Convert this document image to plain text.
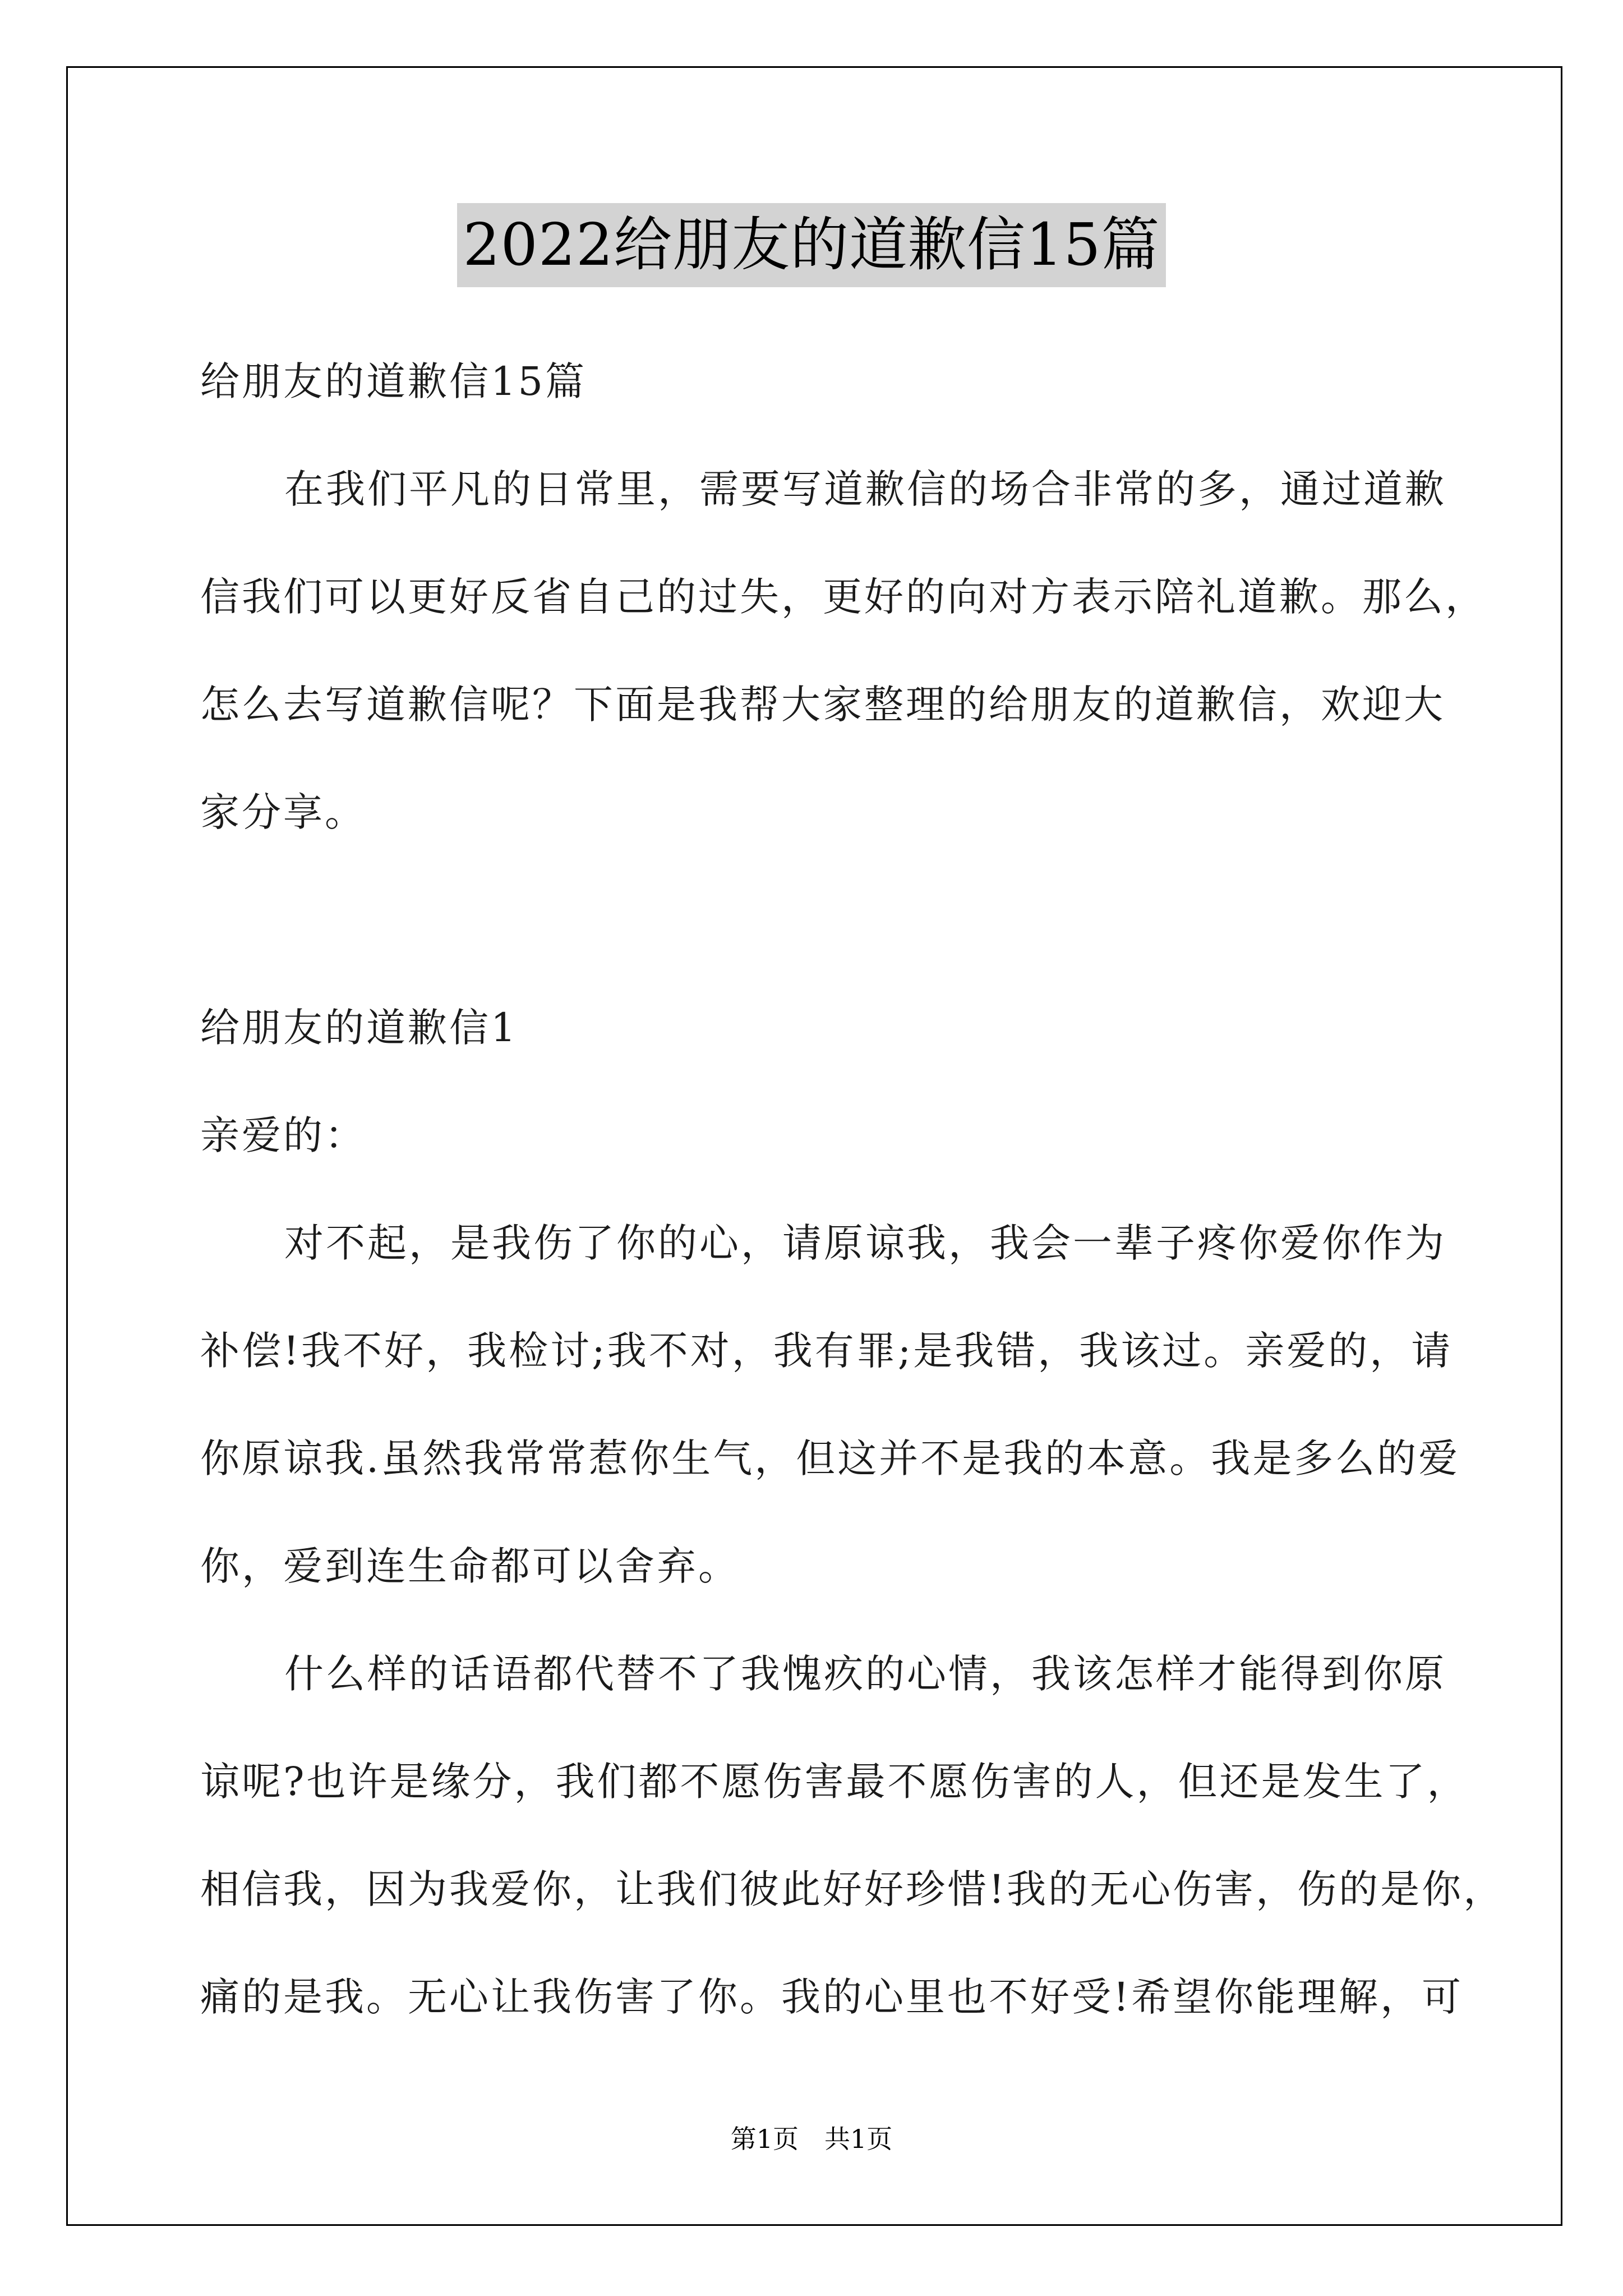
2022给朋友的道歉信15篇
给朋友的道歉信15篇
在我们平凡的日常里，需要写道歉信的场合非常的多，通过道歉
信我们可以更好反省自己的过失，更好的向对方表示陪礼道歉。那么，
怎么去写道歉信呢？下面是我帮大家整理的给朋友的道歉信，欢迎大
家分享。
给朋友的道歉信1
亲爱的：
对不起，是我伤了你的心，请原谅我，我会一辈子疼你爱你作为
补偿!我不好，我检讨;我不对，我有罪;是我错，我该过。亲爱的，请
你原谅我.虽然我常常惹你生气，但这并不是我的本意。我是多么的爱
你，爱到连生命都可以舍弃。
什么样的话语都代替不了我愧疚的心情，我该怎样才能得到你原
谅呢?也许是缘分，我们都不愿伤害最不愿伤害的人，但还是发生了，
相信我，因为我爱你，让我们彼此好好珍惜!我的无心伤害，伤的是你，
痛的是我。无心让我伤害了你。我的心里也不好受!希望你能理解，可
第1页　共1页
